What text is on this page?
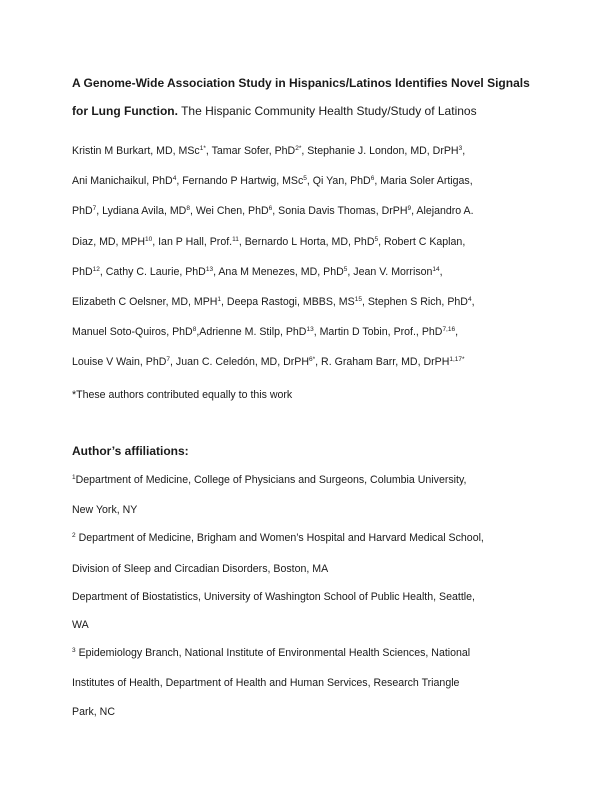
A Genome-Wide Association Study in Hispanics/Latinos Identifies Novel Signals
for Lung Function. The Hispanic Community Health Study/Study of Latinos
Kristin M Burkart, MD, MSc$^{1*}$, Tamar Sofer, PhD$^{2*}$, Stephanie J. London, MD, DrPH$^3$,
Ani Manichaikul, PhD$^4$, Fernando P Hartwig, MSc$^5$, Qi Yan, PhD$^6$, Maria Soler Artigas,
PhD$^7$, Lydiana Avila, $MD^8$, Wei Chen, PhD$^6$, Sonia Davis Thomas, DrPH$^9$, Alejandro A.
Diaz, MD, MPH$^{10}$, Ian P Hall, Prof.$^{11}$, Bernardo L Horta, MD, PhD$^5$, Robert C Kaplan,
PhD$^{12}$, Cathy C. Laurie, PhD$^{13}$, Ana M Menezes, MD, PhD$^5$, Jean V. Morrison$^{14}$,
Elizabeth C Oelsner, MD, MPH$^1$, Deepa Rastogi, MBBS, MS$^{15}$, Stephen S Rich, PhD$^4$,
Manuel Soto-Quiros, PhD$^8$,Adrienne M. Stilp, PhD$^{13}$, Martin D Tobin, Prof., PhD$^{7,16}$,
Louise V Wain, PhD$^7$, Juan C. Celedón, MD, DrPH$^{6*}$, R. Graham Barr, MD, DrPH$^{1,17*}$
*These authors contributed equally to this work
Author’s affiliations:
$^1$Department of Medicine, College of Physicians and Surgeons, Columbia University,
New York, NY
$^2$ Department of Medicine, Brigham and Women’s Hospital and Harvard Medical School,
Division of Sleep and Circadian Disorders, Boston, MA
Department of Biostatistics, University of Washington School of Public Health, Seattle,
WA
$^3$ Epidemiology Branch, National Institute of Environmental Health Sciences, National
Institutes of Health, Department of Health and Human Services, Research Triangle
Park, NC
